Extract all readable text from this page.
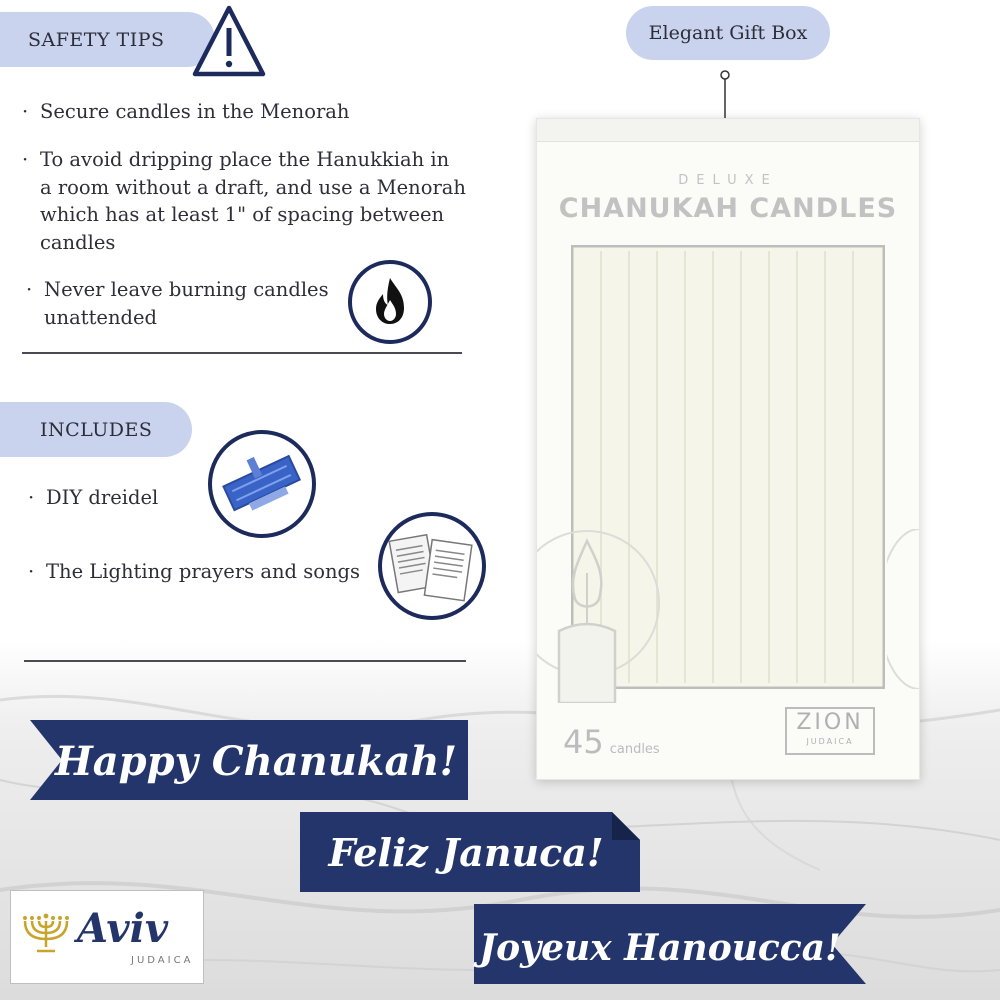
SAFETY TIPS
· Secure candles in the Menorah
· To avoid dripping place the Hanukkiah in
a room without a draft, and use a Menorah
which has at least 1" of spacing between
candles
· Never leave burning candles
unattended
INCLUDES
· DIY dreidel
· The Lighting prayers and songs
Elegant Gift Box
DELUXE
CHANUKAH CANDLES
45 candles
ZION
JUDAICA
Happy Chanukah!
Feliz Januca!
Joyeux Hanoucca!
Aviv
JUDAICA
